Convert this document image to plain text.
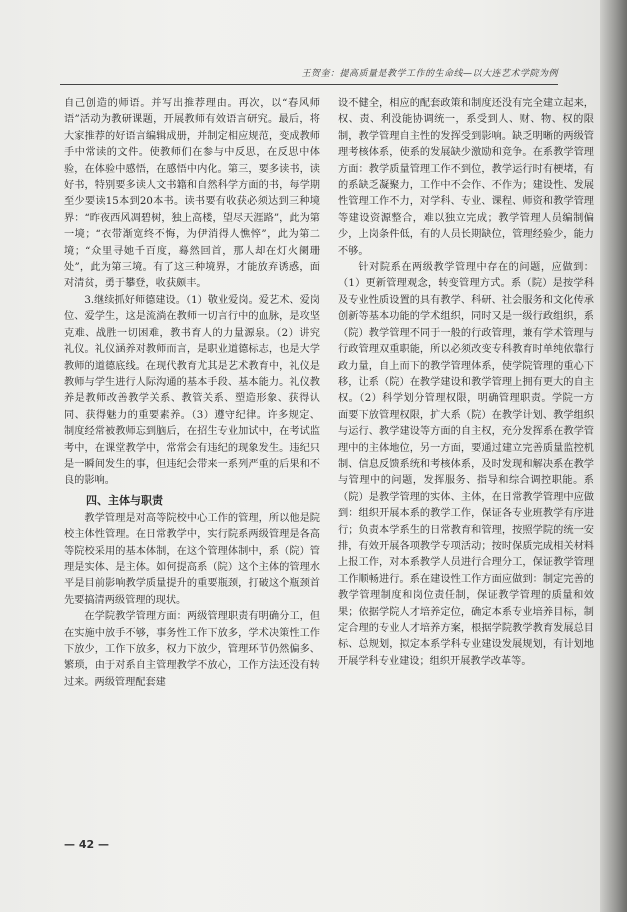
王贺奎：提高质量是教学工作的生命线—以大连艺术学院为例

自己创造的师语。并写出推荐理由。再次，以“春风师语”活动为教研课题，开展教师有效语言研究。最后，将大家推荐的好语言编辑成册，并制定相应规范，变成教师手中常读的文件。使教师们在参与中反思，在反思中体验，在体验中感悟，在感悟中内化。第三，要多读书，读好书，特别要多读人文书籍和自然科学方面的书，每学期至少要读15本到20本书。读书要有收获必须达到三种境界：“昨夜西风凋碧树，独上高楼，望尽天涯路”，此为第一境；“衣带渐宽终不悔，为伊消得人憔悴”，此为第二境；“众里寻她千百度，蓦然回首，那人却在灯火阑珊处”，此为第三境。有了这三种境界，才能放弃诱惑，面对清贫，勇于攀登，收获颇丰。

3.继续抓好师德建设。（1）敬业爱岗。爱艺术、爱岗位、爱学生，这是流淌在教师一切言行中的血脉，是攻坚克难、战胜一切困难，教书育人的力量源泉。（2）讲究礼仪。礼仪涵养对教师而言，是职业道德标志，也是大学教师的道德底线。在现代教育尤其是艺术教育中，礼仪是教师与学生进行人际沟通的基本手段、基本能力。礼仪教养是教师改善教学关系、教管关系、塑造形象、获得认同、获得魅力的重要素养。（3）遵守纪律。许多规定、制度经常被教师忘到脑后，在招生专业加试中，在考试监考中，在课堂教学中，常常会有违纪的现象发生。违纪只是一瞬间发生的事，但违纪会带来一系列严重的后果和不良的影响。

四、主体与职责

教学管理是对高等院校中心工作的管理，所以他是院校主体性管理。在日常教学中，实行院系两级管理是各高等院校采用的基本体制，在这个管理体制中，系（院）管理是实体、是主体。如何提高系（院）这个主体的管理水平是目前影响教学质量提升的重要瓶颈，打破这个瓶颈首先要搞清两级管理的现状。

在学院教学管理方面：两级管理职责有明确分工，但在实施中放手不够，事务性工作下放多，学术决策性工作下放少，工作下放多，权力下放少，管理环节仍然偏多、繁琐，由于对系自主管理教学不放心，工作方法还没有转过来。两级管理配套建

设不健全，相应的配套政策和制度还没有完全建立起来，权、责、利没能协调统一，系受到人、财、物、权的限制，教学管理自主性的发挥受到影响。缺乏明晰的两级管理考核体系，使系的发展缺少激励和竞争。在系教学管理方面：教学质量管理工作不到位，教学运行时有梗堵，有的系缺乏凝聚力，工作中不会作、不作为；建设性、发展性管理工作不力，对学科、专业、课程、师资和教学管理等建设资源整合，难以独立完成；教学管理人员编制偏少，上岗条件低，有的人员长期缺位，管理经验少，能力不够。

针对院系在两级教学管理中存在的问题，应做到：（1）更新管理观念，转变管理方式。系（院）是按学科及专业性质设置的具有教学、科研、社会服务和文化传承创新等基本功能的学术组织，同时又是一级行政组织，系（院）教学管理不同于一般的行政管理，兼有学术管理与行政管理双重职能，所以必须改变专科教育时单纯依靠行政力量，自上而下的教学管理体系，使学院管理的重心下移，让系（院）在教学建设和教学管理上拥有更大的自主权。（2）科学划分管理权限，明确管理职责。学院一方面要下放管理权限，扩大系（院）在教学计划、教学组织与运行、教学建设等方面的自主权，充分发挥系在教学管理中的主体地位，另一方面，要通过建立完善质量监控机制、信息反馈系统和考核体系，及时发现和解决系在教学与管理中的问题，发挥服务、指导和综合调控职能。系（院）是教学管理的实体、主体，在日常教学管理中应做到：组织开展本系的教学工作，保证各专业班教学有序进行；负责本学系生的日常教育和管理，按照学院的统一安排，有效开展各项教学专项活动；按时保质完成相关材料上报工作，对本系教学人员进行合理分工，保证教学管理工作顺畅进行。系在建设性工作方面应做到：制定完善的教学管理制度和岗位责任制，保证教学管理的质量和效果；依据学院人才培养定位，确定本系专业培养目标，制定合理的专业人才培养方案，根据学院教学教育发展总目标、总规划，拟定本系学科专业建设发展规划，有计划地开展学科专业建设；组织开展教学改革等。

— 42 —
